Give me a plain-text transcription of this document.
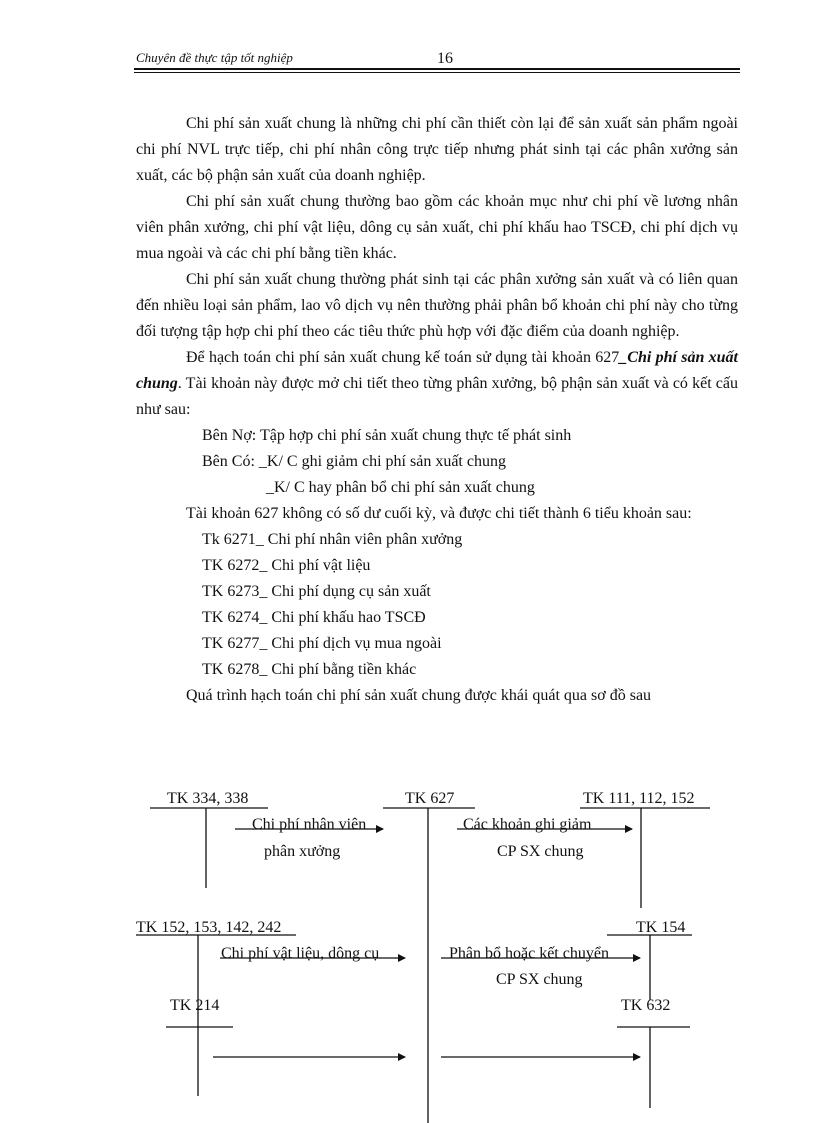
Chuyên đề thực tập tốt nghiệp	16

Chi phí sản xuất chung là những chi phí cần thiết còn lại để sản xuất sản phẩm ngoài chi phí NVL trực tiếp, chi phí nhân công trực tiếp nhưng phát sinh tại các phân xưởng sản xuất, các bộ phận sản xuất của doanh nghiệp.

Chi phí sản xuất chung thường bao gồm các khoản mục như chi phí về lương nhân viên phân xưởng, chi phí vật liệu, dông cụ sản xuất, chi phí khấu hao TSCĐ, chi phí dịch vụ mua ngoài và các chi phí bằng tiền khác.

Chi phí sản xuất chung thường phát sinh tại các phân xưởng sản xuất và có liên quan đến nhiều loại sản phẩm, lao vô dịch vụ nên thường phải phân bổ khoản chi phí này cho từng đối tượng tập hợp chi phí theo các tiêu thức phù hợp với đặc điểm của doanh nghiệp.

Để hạch toán chi phí sản xuất chung kế toán sử dụng tài khoản 627_Chi phí sản xuất chung. Tài khoản này được mở chi tiết theo từng phân xưởng, bộ phận sản xuất và có kết cấu như sau:

Bên Nợ: Tập hợp chi phí sản xuất chung thực tế phát sinh

Bên Có: _K/ C ghi giảm chi phí sản xuất chung

_K/ C hay phân bổ chi phí sản xuất chung

Tài khoản 627 không có số dư cuối kỳ, và được chi tiết thành 6 tiểu khoản sau:

Tk 6271_ Chi phí nhân viên phân xưởng

TK 6272_ Chi phí vật liệu

TK 6273_ Chi phí dụng cụ sản xuất

TK 6274_ Chi phí khấu hao TSCĐ

TK 6277_ Chi phí dịch vụ mua ngoài

TK 6278_ Chi phí bằng tiền khác

Quá trình hạch toán chi phí sản xuất chung được khái quát qua sơ đồ sau

TK 334, 338	TK 627	TK 111, 112, 152
Chi phí nhân viên
phân xưởng
Các khoản ghi giảm
CP SX chung
TK 152, 153, 142, 242	TK 154
Chi phí vật liệu, dông cụ	Phân bổ hoặc kết chuyển
CP SX chung
TK 214	TK 632
